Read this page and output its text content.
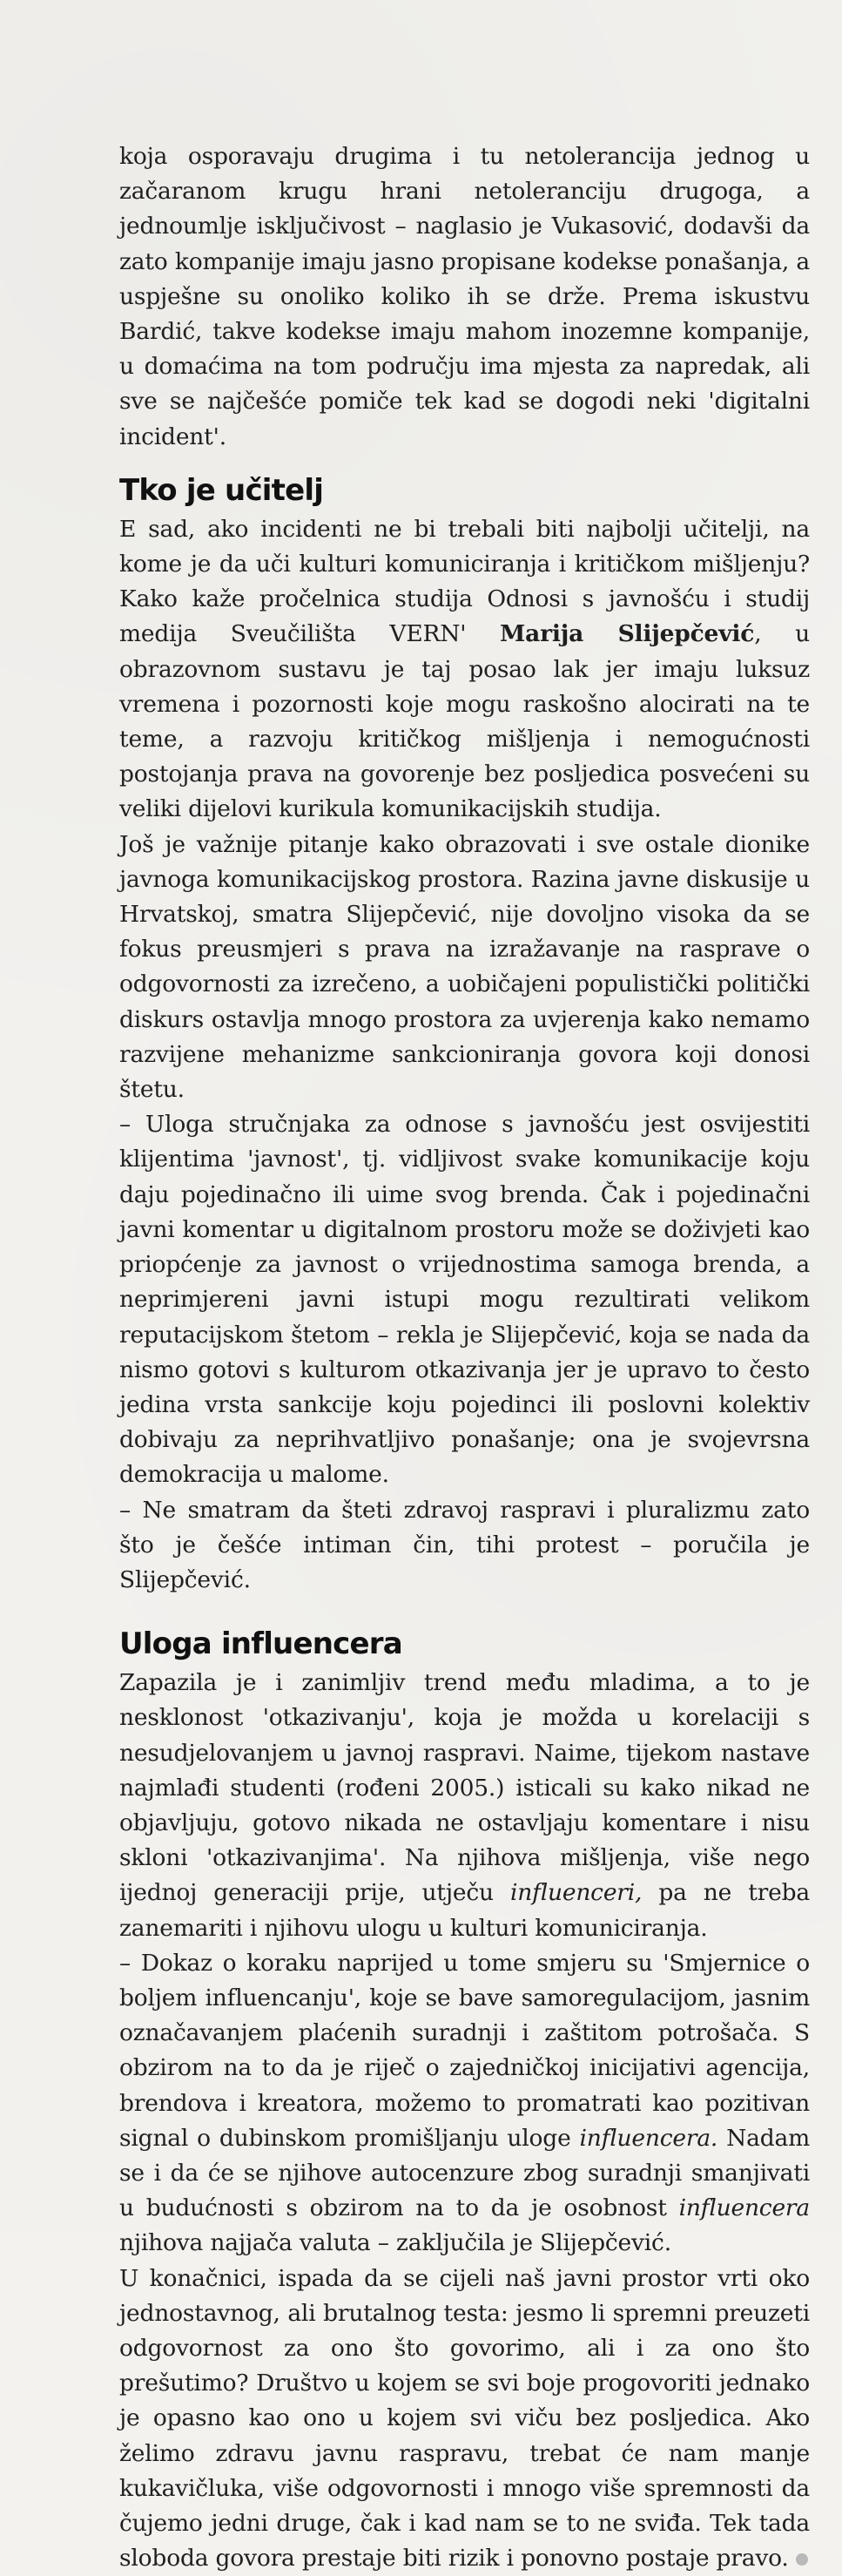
koja osporavaju drugima i tu netolerancija jednog u začaranom krugu hrani netoleranciju drugoga, a jednoumlje isključivost – naglasio je Vukasović, dodavši da zato kompanije imaju jasno propisane kodekse ponašanja, a uspješne su onoliko koliko ih se drže. Prema iskustvu Bardić, takve kodekse imaju mahom inozemne kompanije, u domaćima na tom području ima mjesta za napredak, ali sve se najčešće pomiče tek kad se dogodi neki 'digitalni incident'.

Tko je učitelj

E sad, ako incidenti ne bi trebali biti najbolji učitelji, na kome je da uči kulturi komuniciranja i kritičkom mišljenju? Kako kaže pročelnica studija Odnosi s javnošću i studij medija Sveučilišta VERN' Marija Slijepčević, u obrazovnom sustavu je taj posao lak jer imaju luksuz vremena i pozornosti koje mogu raskošno alocirati na te teme, a razvoju kritičkog mišljenja i nemogućnosti postojanja prava na govorenje bez posljedica posvećeni su veliki dijelovi kurikula komunikacijskih studija.

Još je važnije pitanje kako obrazovati i sve ostale dionike javnoga komunikacijskog prostora. Razina javne diskusije u Hrvatskoj, smatra Slijepčević, nije dovoljno visoka da se fokus preusmjeri s prava na izražavanje na rasprave o odgovornosti za izrečeno, a uobičajeni populistički politički diskurs ostavlja mnogo prostora za uvjerenja kako nemamo razvijene mehanizme sankcioniranja govora koji donosi štetu.

– Uloga stručnjaka za odnose s javnošću jest osvijestiti klijentima 'javnost', tj. vidljivost svake komunikacije koju daju pojedinačno ili uime svog brenda. Čak i pojedinačni javni komentar u digitalnom prostoru može se doživjeti kao priopćenje za javnost o vrijednostima samoga brenda, a neprimjereni javni istupi mogu rezultirati velikom reputacijskom štetom – rekla je Slijepčević, koja se nada da nismo gotovi s kulturom otkazivanja jer je upravo to često jedina vrsta sankcije koju pojedinci ili poslovni kolektiv dobivaju za neprihvatljivo ponašanje; ona je svojevrsna demokracija u malome.

– Ne smatram da šteti zdravoj raspravi i pluralizmu zato što je češće intiman čin, tihi protest – poručila je Slijepčević.

Uloga influencera

Zapazila je i zanimljiv trend među mladima, a to je nesklonost 'otkazivanju', koja je možda u korelaciji s nesudjelovanjem u javnoj raspravi. Naime, tijekom nastave najmlađi studenti (rođeni 2005.) isticali su kako nikad ne objavljuju, gotovo nikada ne ostavljaju komentare i nisu skloni 'otkazivanjima'. Na njihova mišljenja, više nego ijednoj generaciji prije, utječu influenceri, pa ne treba zanemariti i njihovu ulogu u kulturi komuniciranja.

– Dokaz o koraku naprijed u tome smjeru su 'Smjernice o boljem influencanju', koje se bave samoregulacijom, jasnim označavanjem plaćenih suradnji i zaštitom potrošača. S obzirom na to da je riječ o zajedničkoj inicijativi agencija, brendova i kreatora, možemo to promatrati kao pozitivan signal o dubinskom promišljanju uloge influencera. Nadam se i da će se njihove autocenzure zbog suradnji smanjivati u budućnosti s obzirom na to da je osobnost influencera njihova najjača valuta – zaključila je Slijepčević.

U konačnici, ispada da se cijeli naš javni prostor vrti oko jednostavnog, ali brutalnog testa: jesmo li spremni preuzeti odgovornost za ono što govorimo, ali i za ono što prešutimo? Društvo u kojem se svi boje progovoriti jednako je opasno kao ono u kojem svi viču bez posljedica. Ako želimo zdravu javnu raspravu, trebat će nam manje kukavičluka, više odgovornosti i mnogo više spremnosti da čujemo jedni druge, čak i kad nam se to ne sviđa. Tek tada sloboda govora prestaje biti rizik i ponovno postaje pravo.
